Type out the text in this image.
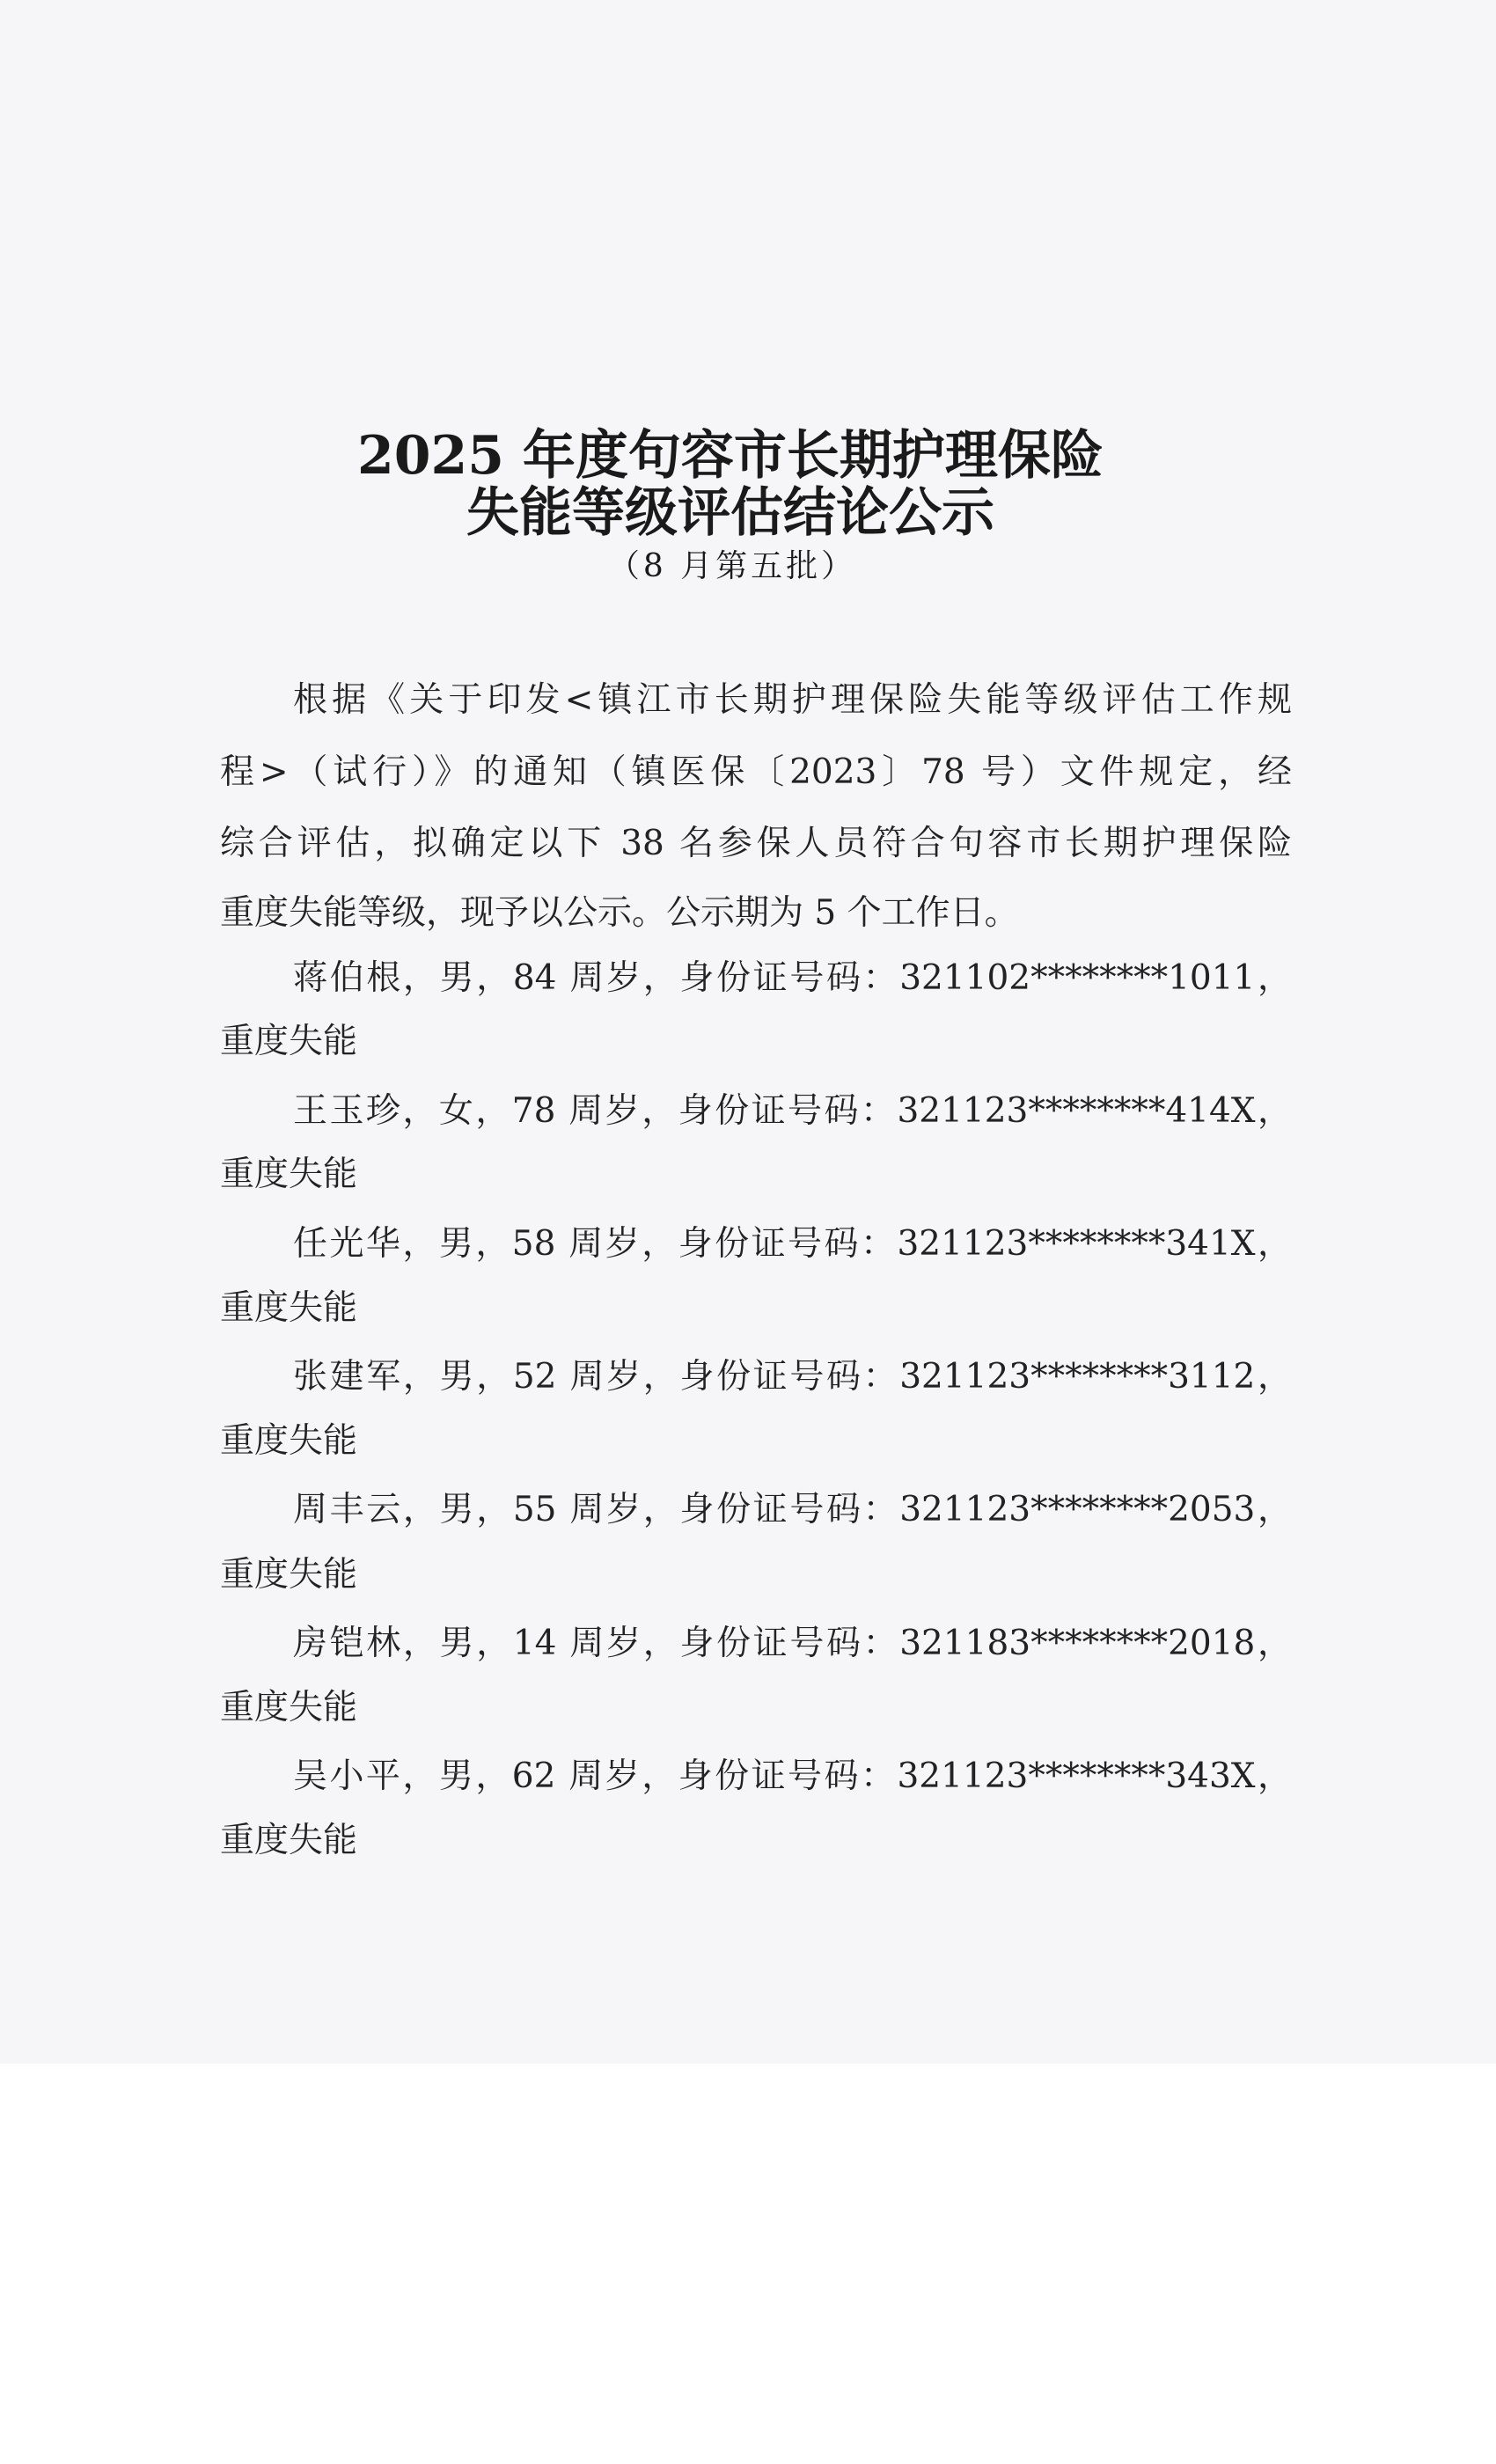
2025 年度句容市长期护理保险
失能等级评估结论公示
（8 月第五批）
根据《关于印发<镇江市长期护理保险失能等级评估工作规
程>（试行）》的通知（镇医保〔2023〕78 号）文件规定，经
综合评估，拟确定以下 38 名参保人员符合句容市长期护理保险
重度失能等级，现予以公示。公示期为 5 个工作日。
蒋伯根，男，84 周岁，身份证号码：321102********1011，
重度失能
王玉珍，女，78 周岁，身份证号码：321123********414X，
重度失能
任光华，男，58 周岁，身份证号码：321123********341X，
重度失能
张建军，男，52 周岁，身份证号码：321123********3112，
重度失能
周丰云，男，55 周岁，身份证号码：321123********2053，
重度失能
房铠林，男，14 周岁，身份证号码：321183********2018，
重度失能
吴小平，男，62 周岁，身份证号码：321123********343X，
重度失能
